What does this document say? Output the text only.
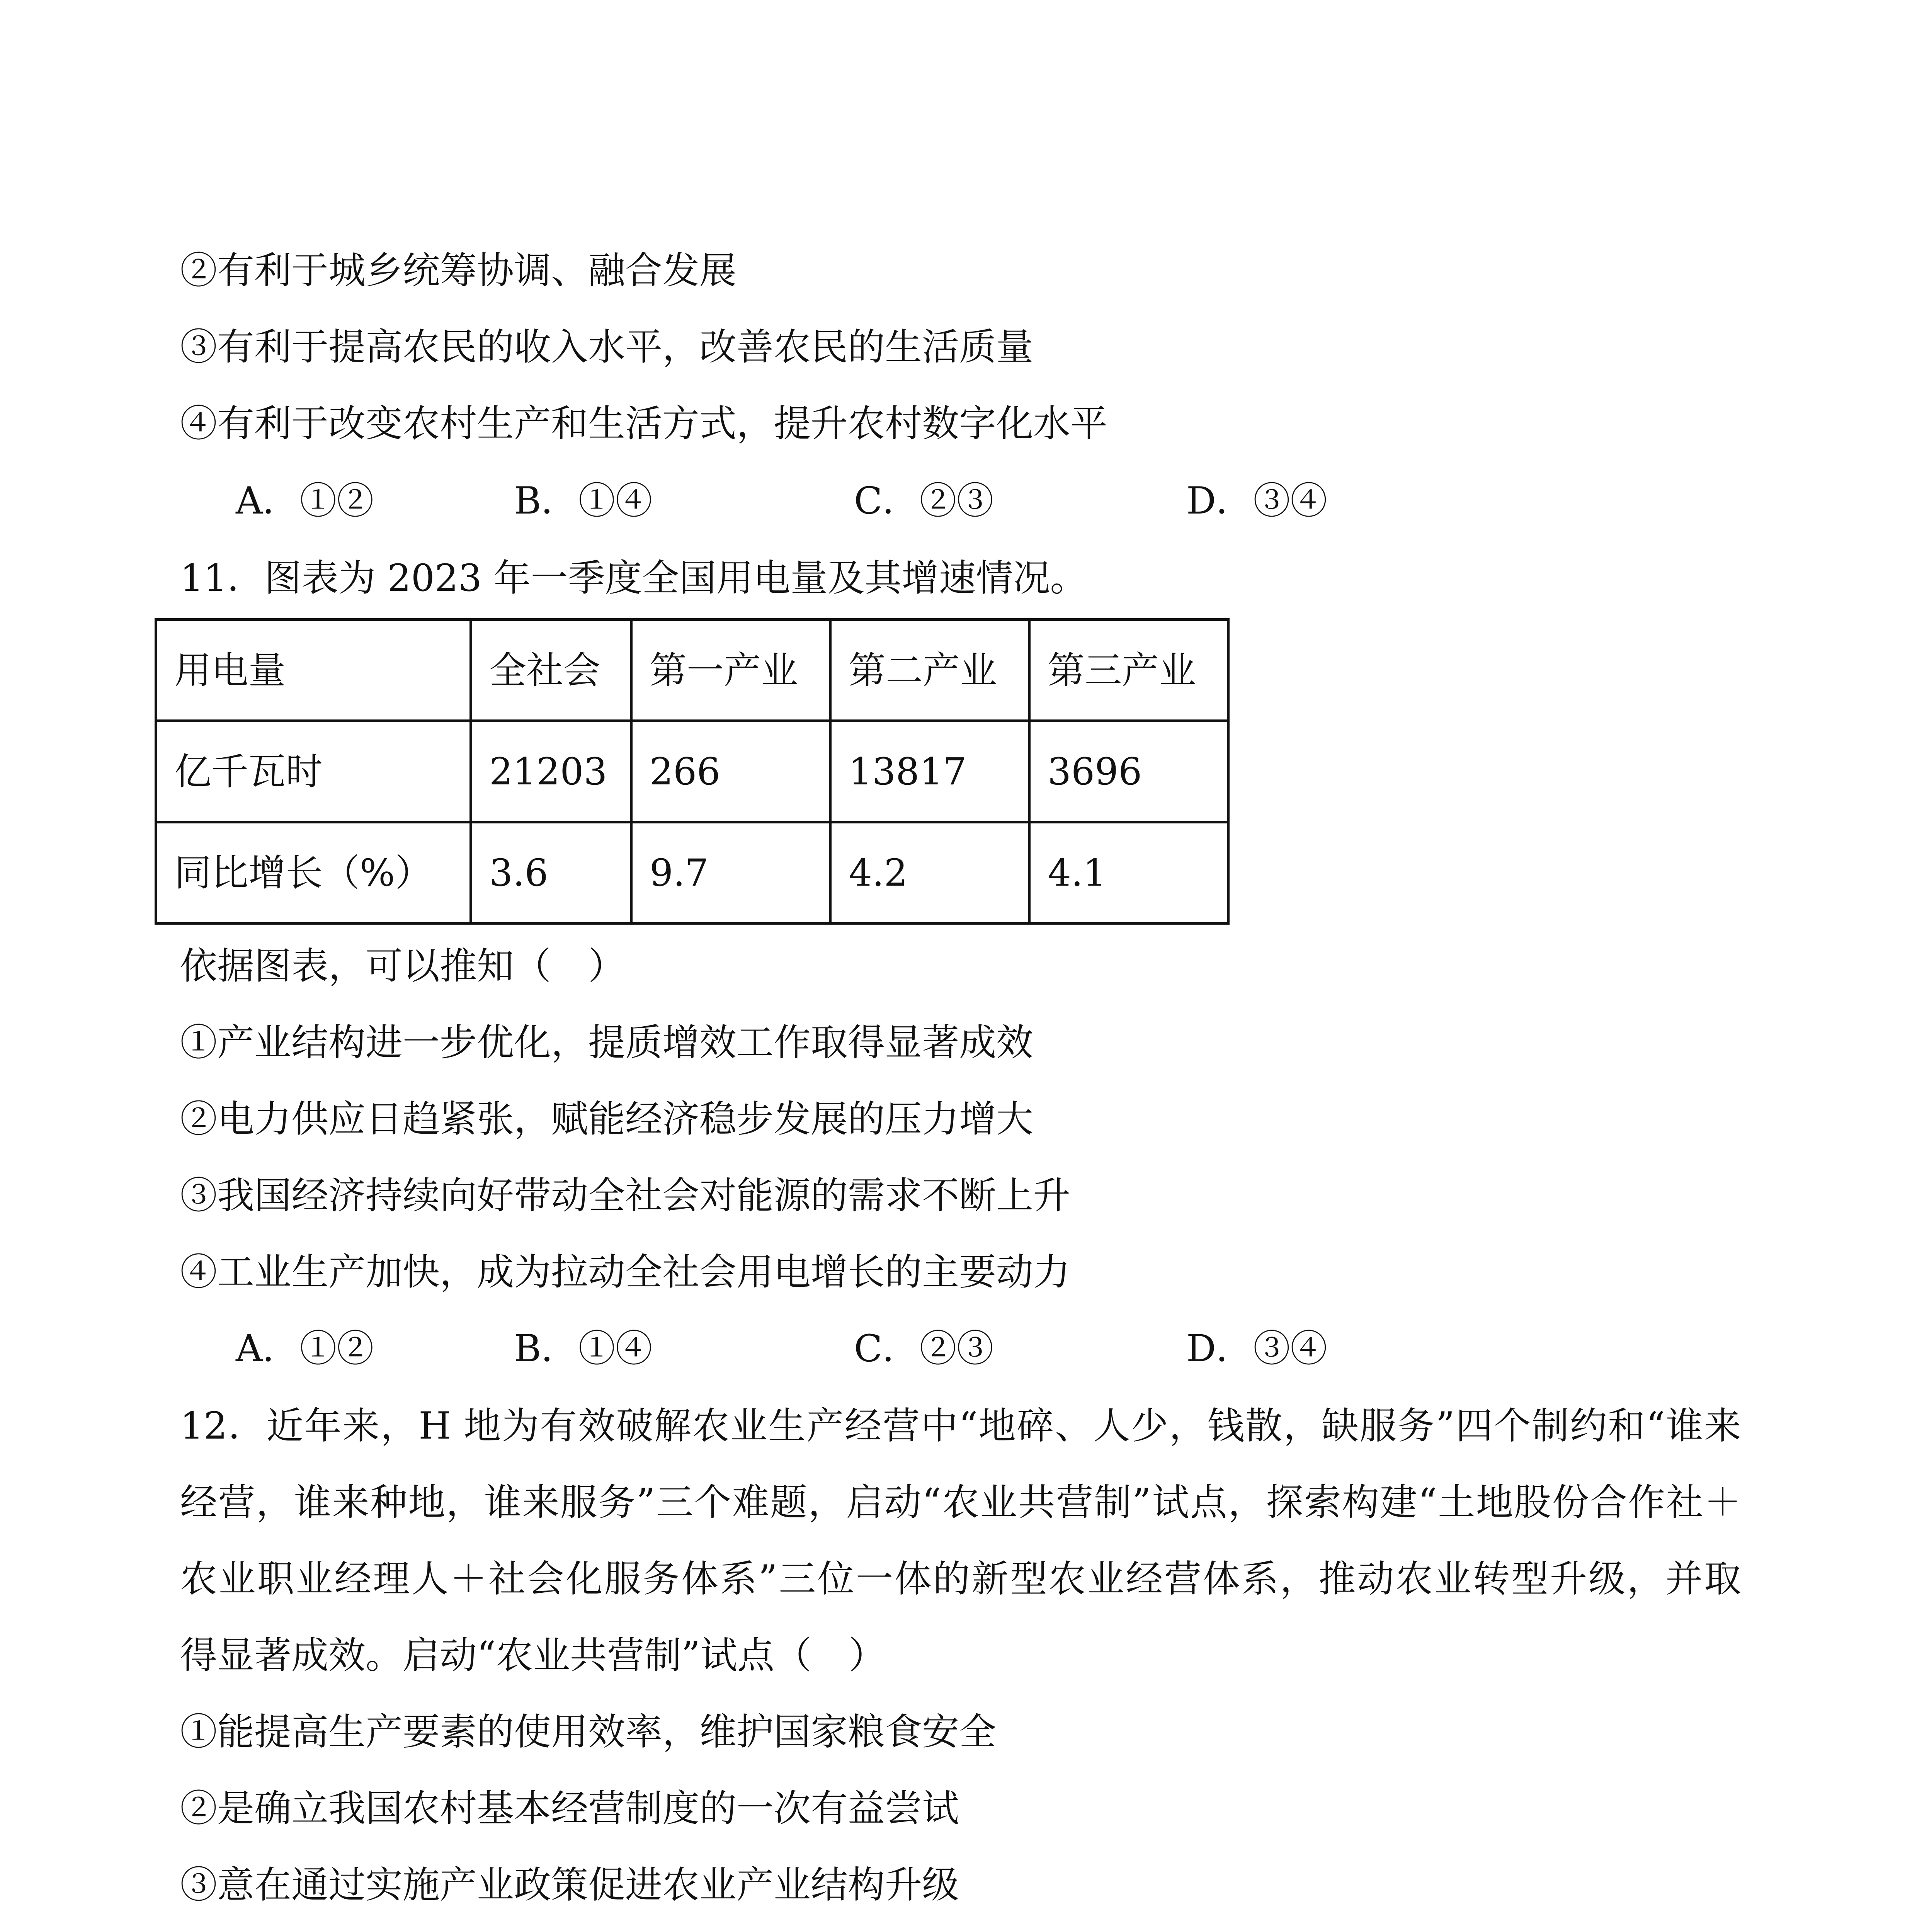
②有利于城乡统筹协调、融合发展

③有利于提高农民的收入水平，改善农民的生活质量

④有利于改变农村生产和生活方式，提升农村数字化水平

A．①②	B．①④	C．②③	D．③④

11．图表为 2023 年一季度全国用电量及其增速情况。

用电量	全社会	第一产业	第二产业	第三产业
亿千瓦时	21203	266	13817	3696
同比增长（%）	3.6	9.7	4.2	4.1

依据图表，可以推知（　）

①产业结构进一步优化，提质增效工作取得显著成效

②电力供应日趋紧张，赋能经济稳步发展的压力增大

③我国经济持续向好带动全社会对能源的需求不断上升

④工业生产加快，成为拉动全社会用电增长的主要动力

A．①②	B．①④	C．②③	D．③④

12．近年来，H 地为有效破解农业生产经营中“地碎、人少，钱散，缺服务”四个制约和“谁来

经营，谁来种地，谁来服务”三个难题，启动“农业共营制”试点，探索构建“土地股份合作社＋

农业职业经理人＋社会化服务体系”三位一体的新型农业经营体系，推动农业转型升级，并取

得显著成效。启动“农业共营制”试点（　）

①能提高生产要素的使用效率，维护国家粮食安全

②是确立我国农村基本经营制度的一次有益尝试

③意在通过实施产业政策促进农业产业结构升级
